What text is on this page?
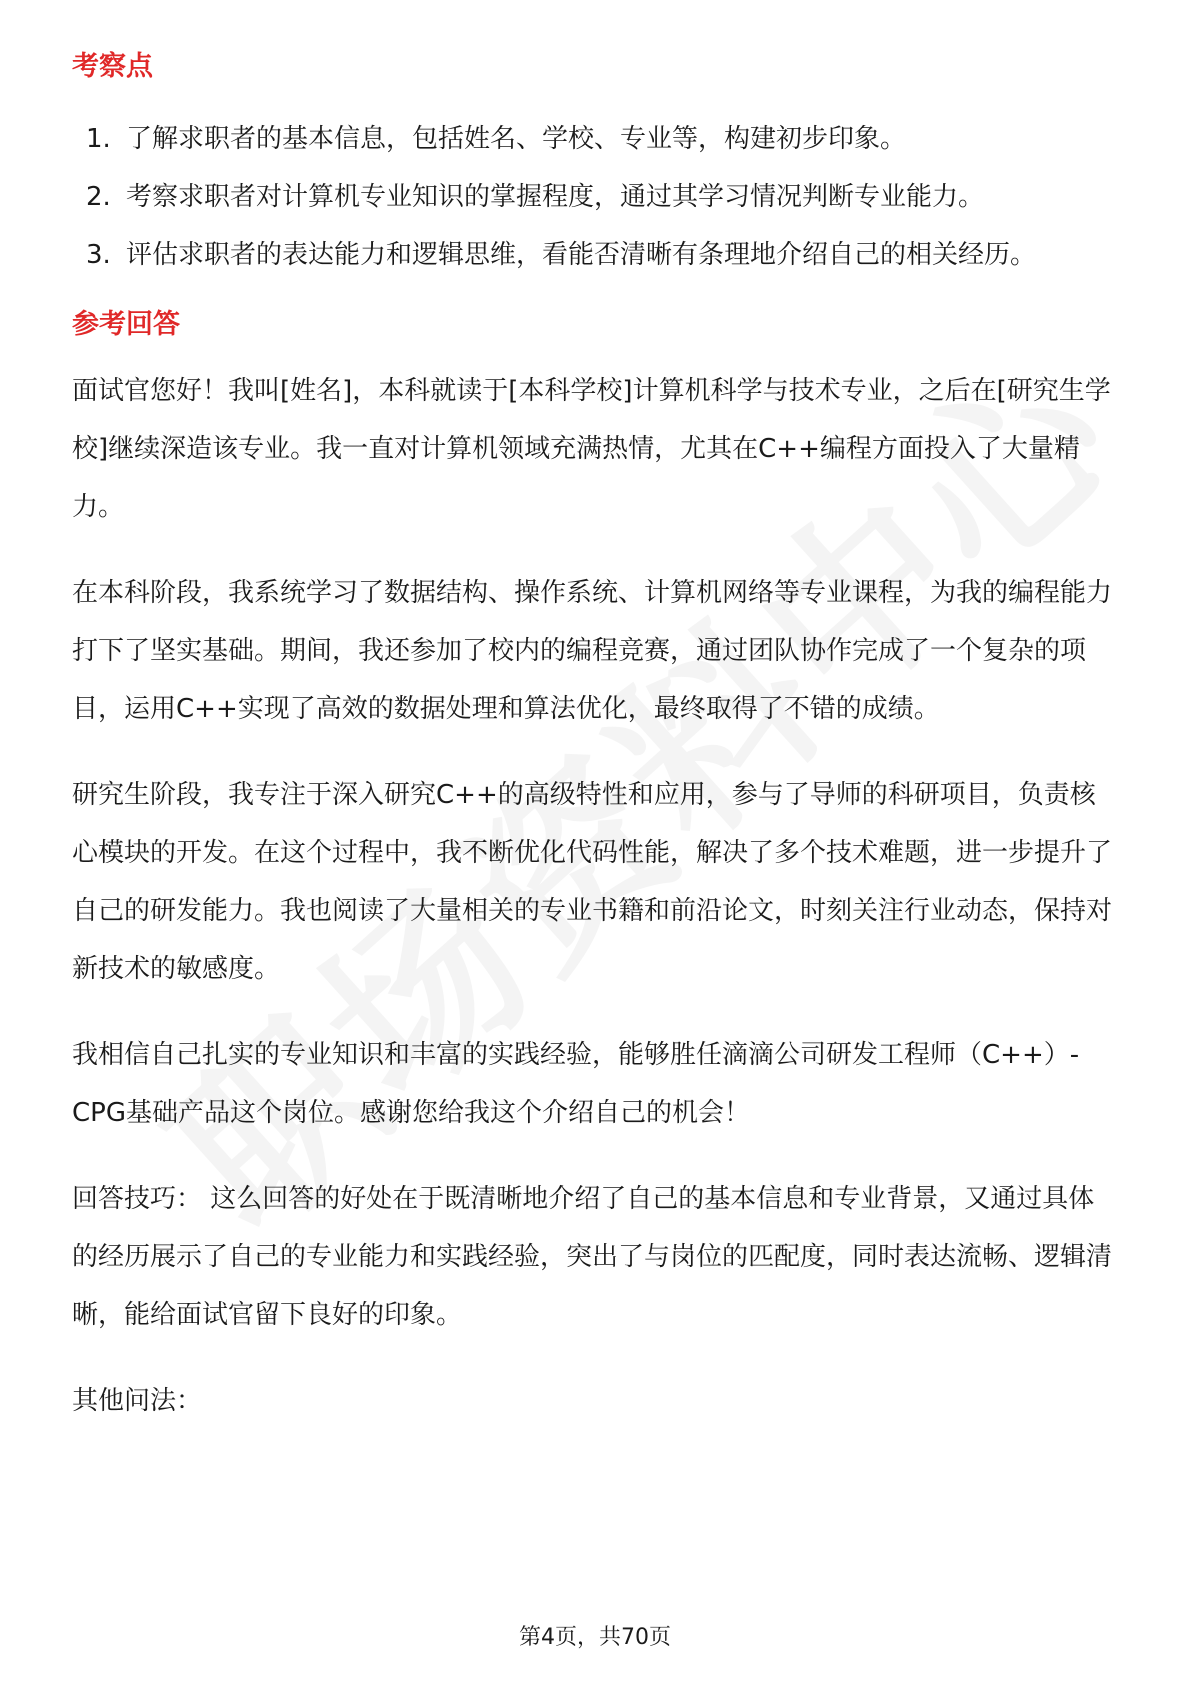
考察点
1. 了解求职者的基本信息，包括姓名、学校、专业等，构建初步印象。
2. 考察求职者对计算机专业知识的掌握程度，通过其学习情况判断专业能力。
3. 评估求职者的表达能力和逻辑思维，看能否清晰有条理地介绍自己的相关经历。
参考回答

面试官您好！我叫[姓名]，本科就读于[本科学校]计算机科学与技术专业，之后在[研究生学校]继续深造该专业。我一直对计算机领域充满热情，尤其在C++编程方面投入了大量精力。

在本科阶段，我系统学习了数据结构、操作系统、计算机网络等专业课程，为我的编程能力打下了坚实基础。期间，我还参加了校内的编程竞赛，通过团队协作完成了一个复杂的项目，运用C++实现了高效的数据处理和算法优化，最终取得了不错的成绩。

研究生阶段，我专注于深入研究C++的高级特性和应用，参与了导师的科研项目，负责核心模块的开发。在这个过程中，我不断优化代码性能，解决了多个技术难题，进一步提升了自己的研发能力。我也阅读了大量相关的专业书籍和前沿论文，时刻关注行业动态，保持对新技术的敏感度。

我相信自己扎实的专业知识和丰富的实践经验，能够胜任滴滴公司研发工程师（C++）-CPG基础产品这个岗位。感谢您给我这个介绍自己的机会！

回答技巧： 这么回答的好处在于既清晰地介绍了自己的基本信息和专业背景，又通过具体的经历展示了自己的专业能力和实践经验，突出了与岗位的匹配度，同时表达流畅、逻辑清晰，能给面试官留下良好的印象。

其他问法：

第4页，共70页
